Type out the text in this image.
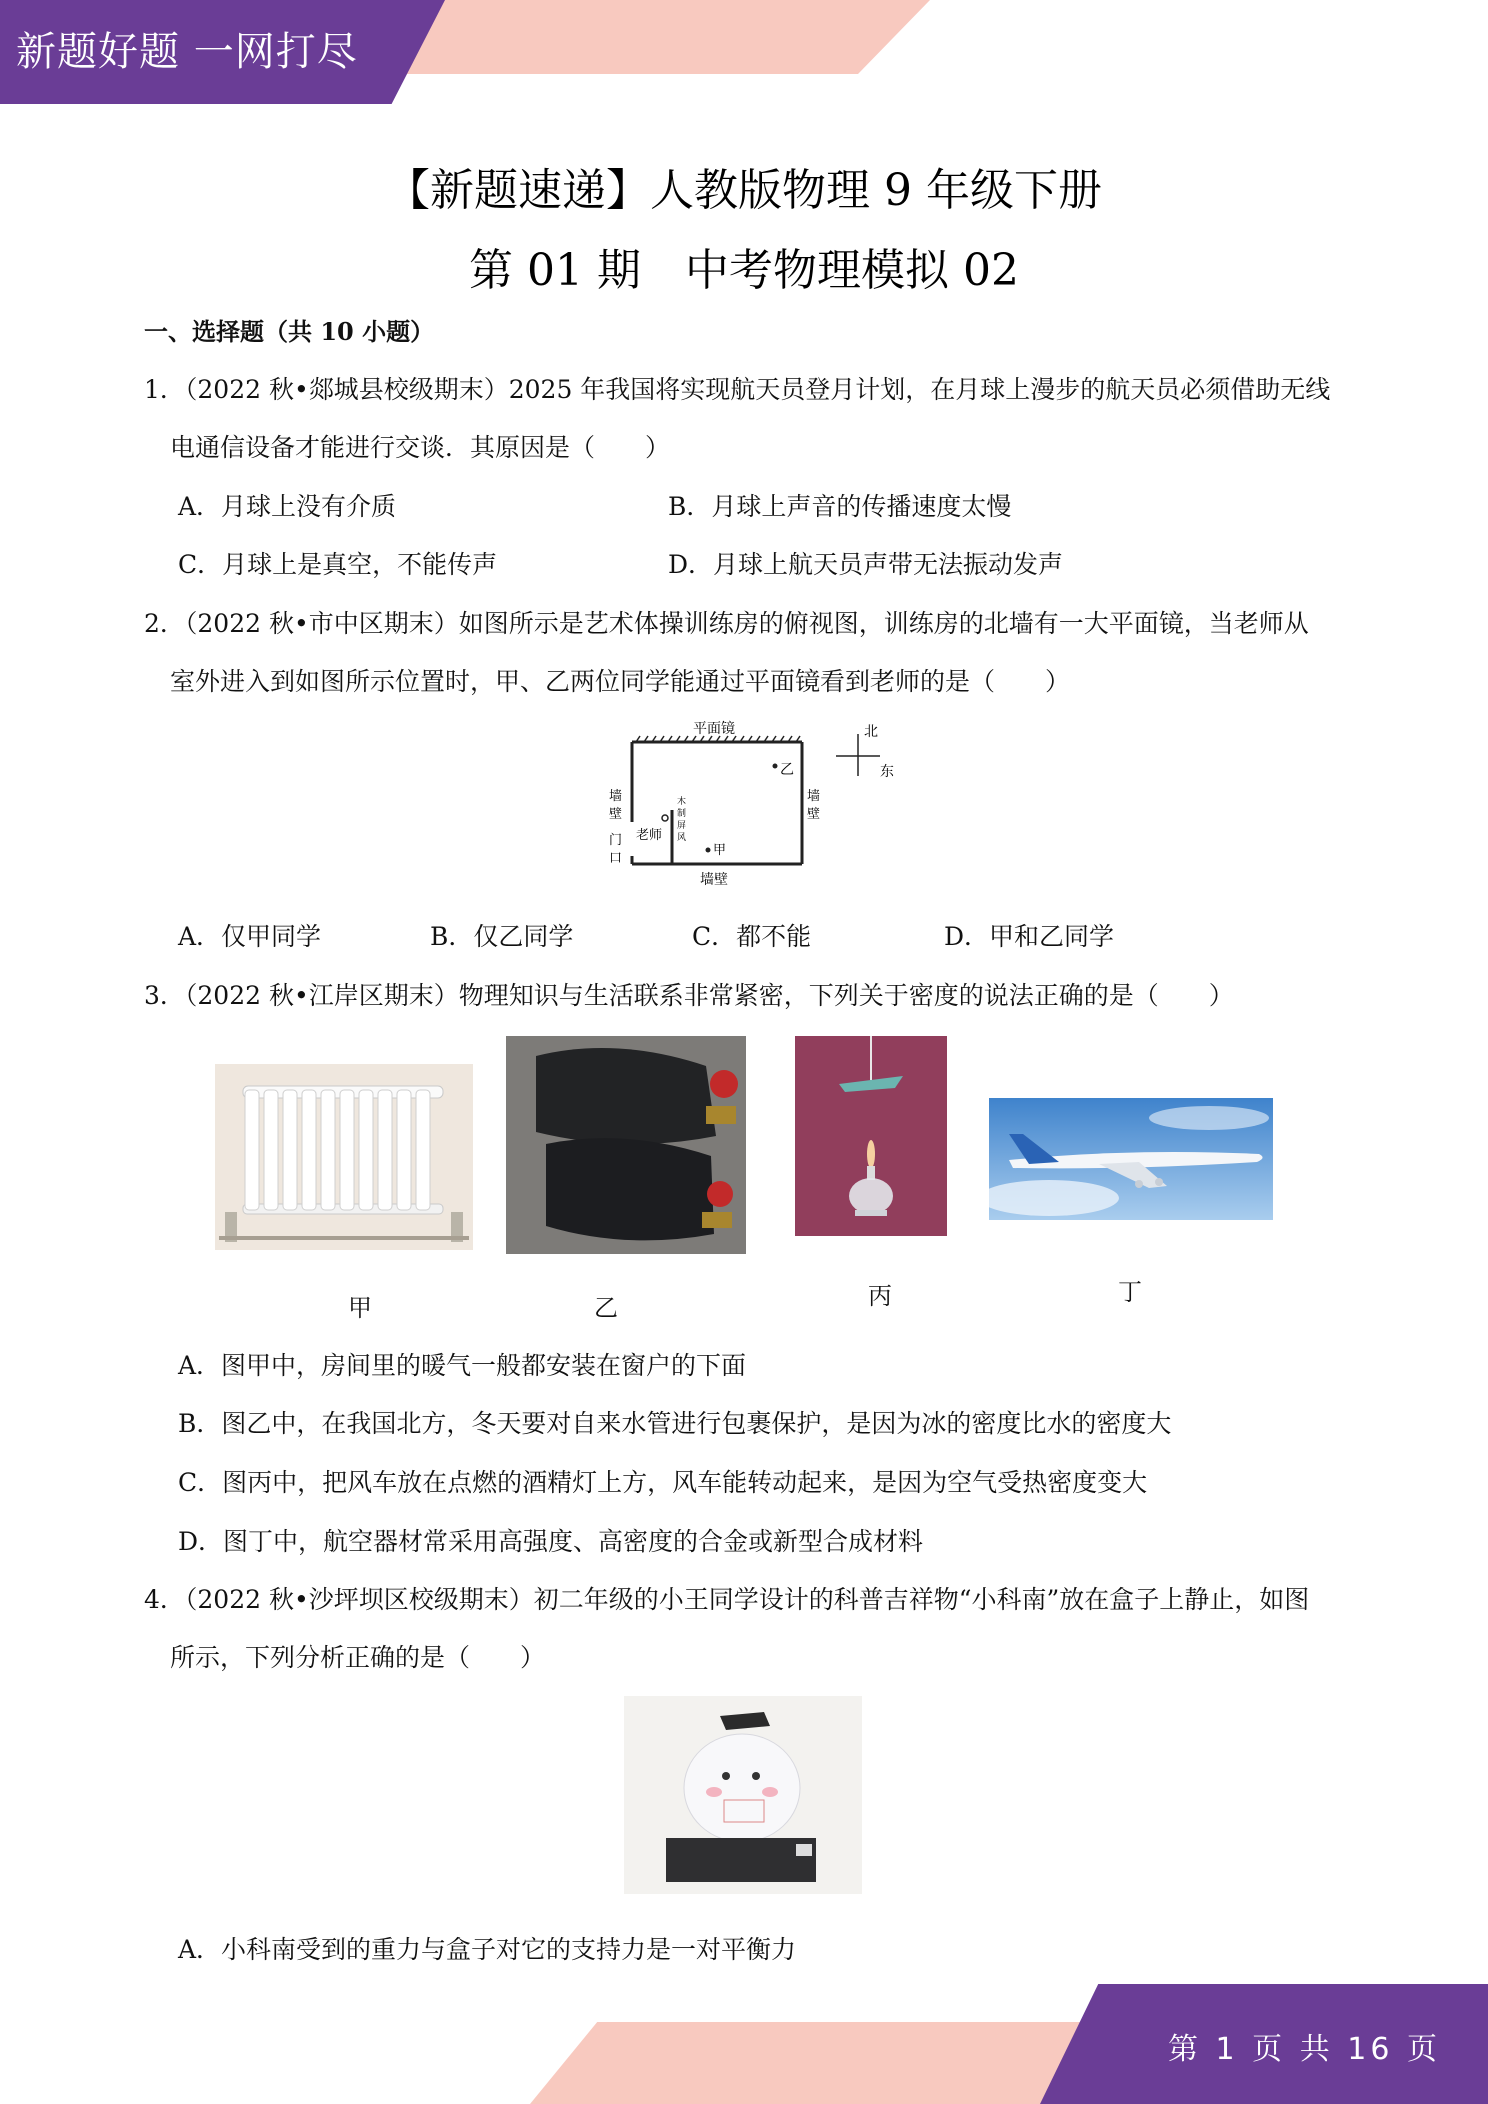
新题好题 一网打尽
【新题速递】人教版物理 9 年级下册
第 01 期　中考物理模拟 02
一、选择题（共 10 小题）
1．（2022 秋•郯城县校级期末）2025 年我国将实现航天员登月计划，在月球上漫步的航天员必须借助无线
电通信设备才能进行交谈．其原因是（　　）
A．月球上没有介质	B．月球上声音的传播速度太慢
C．月球上是真空，不能传声	D．月球上航天员声带无法振动发声
2．（2022 秋•市中区期末）如图所示是艺术体操训练房的俯视图，训练房的北墙有一大平面镜，当老师从
室外进入到如图所示位置时，甲、乙两位同学能通过平面镜看到老师的是（　　）
平面镜
墙
壁
墙
壁
墙壁
门
口
老师
木
制
屏
风
乙
甲
北
东
A．仅甲同学	B．仅乙同学	C．都不能	D．甲和乙同学
3．（2022 秋•江岸区期末）物理知识与生活联系非常紧密，下列关于密度的说法正确的是（　　）
甲	乙	丙	丁
A．图甲中，房间里的暖气一般都安装在窗户的下面
B．图乙中，在我国北方，冬天要对自来水管进行包裹保护，是因为冰的密度比水的密度大
C．图丙中，把风车放在点燃的酒精灯上方，风车能转动起来，是因为空气受热密度变大
D．图丁中，航空器材常采用高强度、高密度的合金或新型合成材料
4．（2022 秋•沙坪坝区校级期末）初二年级的小王同学设计的科普吉祥物“小科南”放在盒子上静止，如图
所示，下列分析正确的是（　　）
A．小科南受到的重力与盒子对它的支持力是一对平衡力
第 1 页 共 16 页
